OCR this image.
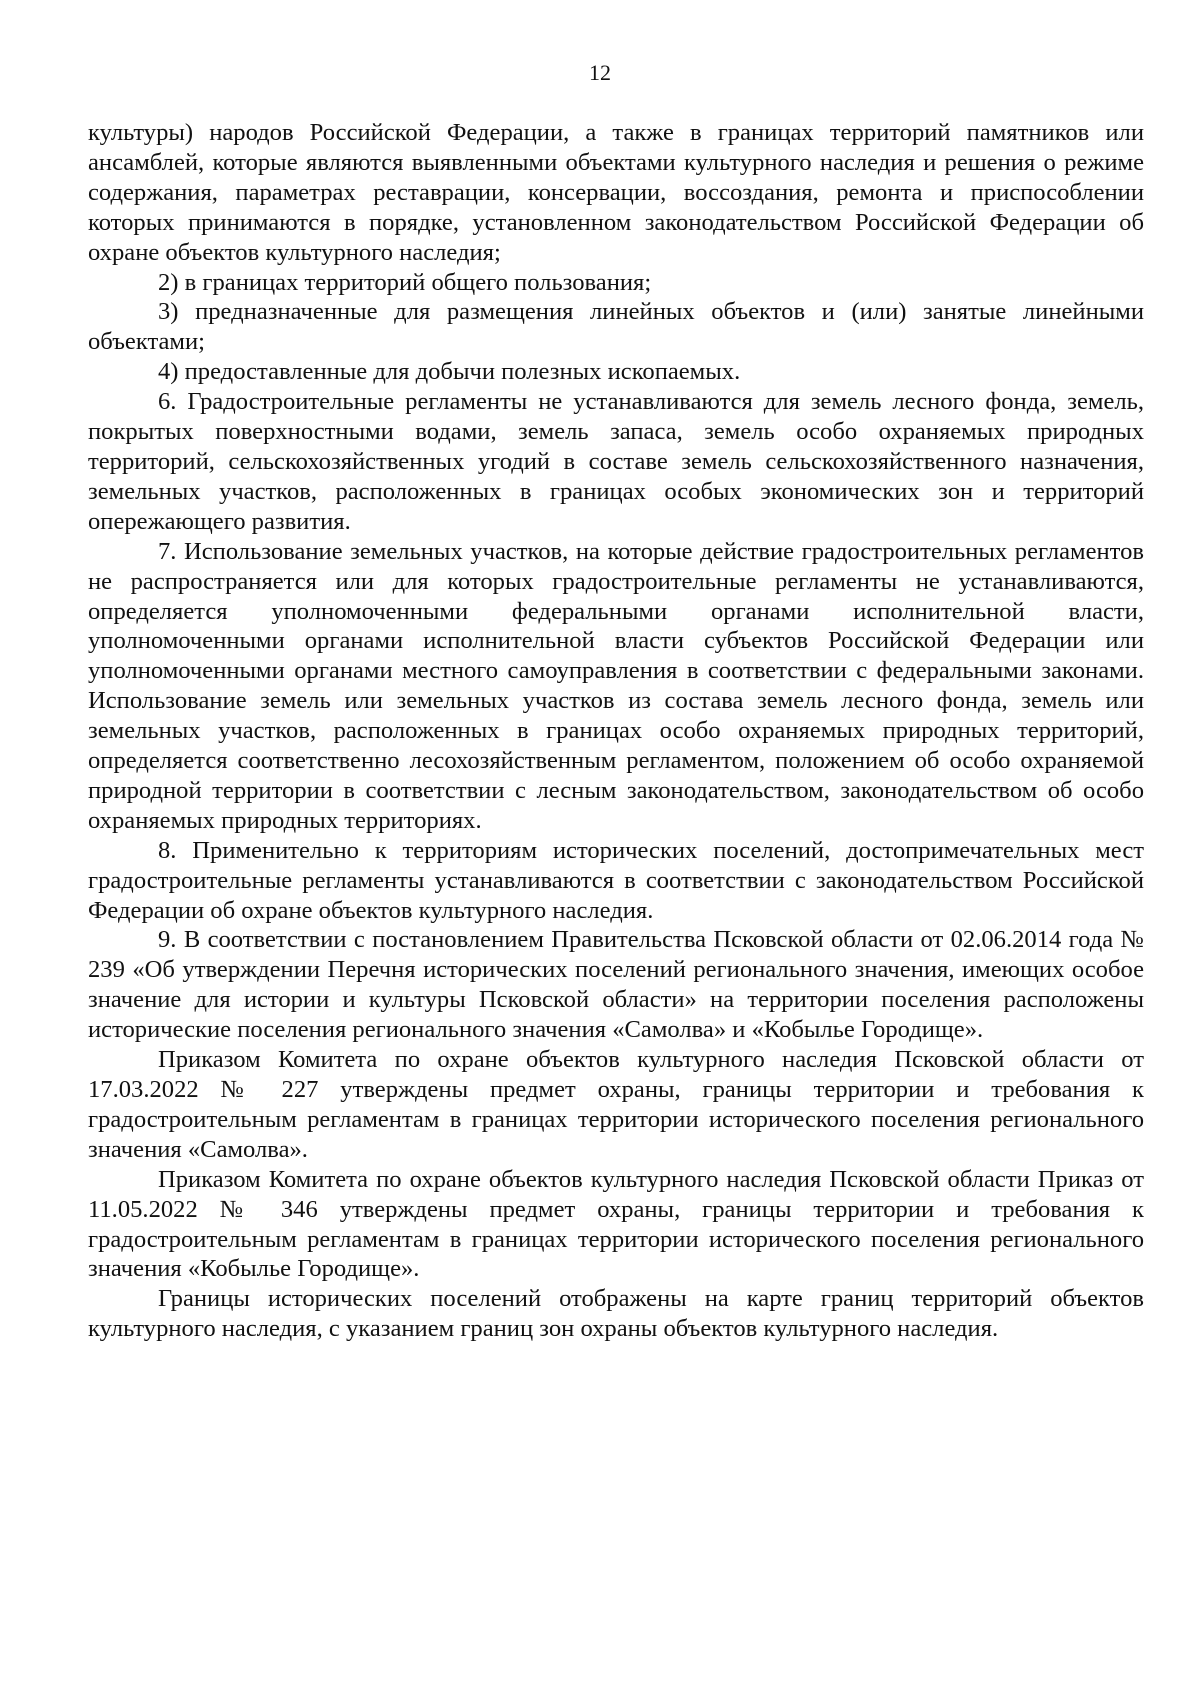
12

культуры) народов Российской Федерации, а также в границах территорий памятников или ансамблей, которые являются выявленными объектами культурного наследия и решения о режиме содержания, параметрах реставрации, консервации, воссоздания, ремонта и приспособлении которых принимаются в порядке, установленном законодательством Российской Федерации об охране объектов культурного наследия;

2) в границах территорий общего пользования;

3) предназначенные для размещения линейных объектов и (или) занятые линейными объектами;

4) предоставленные для добычи полезных ископаемых.

6. Градостроительные регламенты не устанавливаются для земель лесного фонда, земель, покрытых поверхностными водами, земель запаса, земель особо охраняемых природных территорий, сельскохозяйственных угодий в составе земель сельскохозяйственного назначения, земельных участков, расположенных в границах особых экономических зон и территорий опережающего развития.

7. Использование земельных участков, на которые действие градостроительных регламентов не распространяется или для которых градостроительные регламенты не устанавливаются, определяется уполномоченными федеральными органами исполнительной власти, уполномоченными органами исполнительной власти субъектов Российской Федерации или уполномоченными органами местного самоуправления в соответствии с федеральными законами. Использование земель или земельных участков из состава земель лесного фонда, земель или земельных участков, расположенных в границах особо охраняемых природных территорий, определяется соответственно лесохозяйственным регламентом, положением об особо охраняемой природной территории в соответствии с лесным законодательством, законодательством об особо охраняемых природных территориях.

8. Применительно к территориям исторических поселений, достопримечательных мест градостроительные регламенты устанавливаются в соответствии с законодательством Российской Федерации об охране объектов культурного наследия.

9. В соответствии с постановлением Правительства Псковской области от 02.06.2014 года № 239 «Об утверждении Перечня исторических поселений регионального значения, имеющих особое значение для истории и культуры Псковской области» на территории поселения расположены исторические поселения регионального значения «Самолва» и «Кобылье Городище».

Приказом Комитета по охране объектов культурного наследия Псковской области от 17.03.2022 № 227 утверждены предмет охраны, границы территории и требования к градостроительным регламентам в границах территории исторического поселения регионального значения «Самолва».

Приказом Комитета по охране объектов культурного наследия Псковской области Приказ от 11.05.2022 № 346 утверждены предмет охраны, границы территории и требования к градостроительным регламентам в границах территории исторического поселения регионального значения «Кобылье Городище».

Границы исторических поселений отображены на карте границ территорий объектов культурного наследия, с указанием границ зон охраны объектов культурного наследия.
